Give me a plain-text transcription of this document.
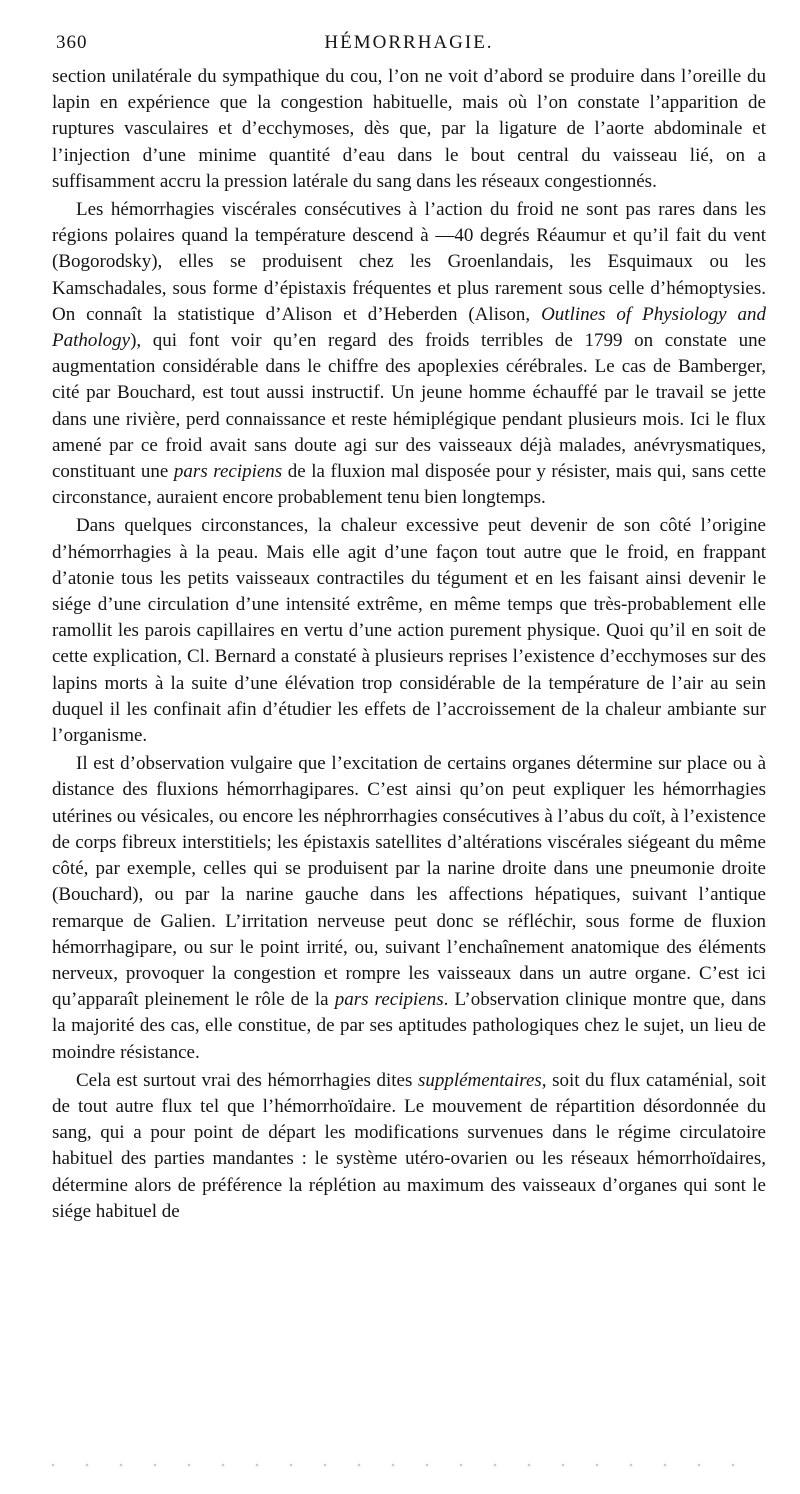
360	HÉMORRHAGIE.

section unilatérale du sympathique du cou, l’on ne voit d’abord se produire dans l’oreille du lapin en expérience que la congestion habituelle, mais où l’on constate l’apparition de ruptures vasculaires et d’ecchymoses, dès que, par la ligature de l’aorte abdominale et l’injection d’une minime quantité d’eau dans le bout central du vaisseau lié, on a suffisamment accru la pression latérale du sang dans les réseaux congestionnés.

Les hémorrhagies viscérales consécutives à l’action du froid ne sont pas rares dans les régions polaires quand la température descend à —40 degrés Réaumur et qu’il fait du vent (Bogorodsky), elles se produisent chez les Groenlandais, les Esquimaux ou les Kamschadales, sous forme d’épistaxis fréquentes et plus rarement sous celle d’hémoptysies. On connaît la statistique d’Alison et d’Heberden (Alison, Outlines of Physiology and Pathology), qui font voir qu’en regard des froids terribles de 1799 on constate une augmentation considérable dans le chiffre des apoplexies cérébrales. Le cas de Bamberger, cité par Bouchard, est tout aussi instructif. Un jeune homme échauffé par le travail se jette dans une rivière, perd connaissance et reste hémiplégique pendant plusieurs mois. Ici le flux amené par ce froid avait sans doute agi sur des vaisseaux déjà malades, anévrysmatiques, constituant une pars recipiens de la fluxion mal disposée pour y résister, mais qui, sans cette circonstance, auraient encore probablement tenu bien longtemps.

Dans quelques circonstances, la chaleur excessive peut devenir de son côté l’origine d’hémorrhagies à la peau. Mais elle agit d’une façon tout autre que le froid, en frappant d’atonie tous les petits vaisseaux contractiles du tégument et en les faisant ainsi devenir le siége d’une circulation d’une intensité extrême, en même temps que très-probablement elle ramollit les parois capillaires en vertu d’une action purement physique. Quoi qu’il en soit de cette explication, Cl. Bernard a constaté à plusieurs reprises l’existence d’ecchymoses sur des lapins morts à la suite d’une élévation trop considérable de la température de l’air au sein duquel il les confinait afin d’étudier les effets de l’accroissement de la chaleur ambiante sur l’organisme.

Il est d’observation vulgaire que l’excitation de certains organes détermine sur place ou à distance des fluxions hémorrhagipares. C’est ainsi qu’on peut expliquer les hémorrhagies utérines ou vésicales, ou encore les néphrorrhagies consécutives à l’abus du coït, à l’existence de corps fibreux interstitiels; les épistaxis satellites d’altérations viscérales siégeant du même côté, par exemple, celles qui se produisent par la narine droite dans une pneumonie droite (Bouchard), ou par la narine gauche dans les affections hépatiques, suivant l’antique remarque de Galien. L’irritation nerveuse peut donc se réfléchir, sous forme de fluxion hémorrhagipare, ou sur le point irrité, ou, suivant l’enchaînement anatomique des éléments nerveux, provoquer la congestion et rompre les vaisseaux dans un autre organe. C’est ici qu’apparaît pleinement le rôle de la pars recipiens. L’observation clinique montre que, dans la majorité des cas, elle constitue, de par ses aptitudes pathologiques chez le sujet, un lieu de moindre résistance.

Cela est surtout vrai des hémorrhagies dites supplémentaires, soit du flux cataménial, soit de tout autre flux tel que l’hémorrhoïdaire. Le mouvement de répartition désordonnée du sang, qui a pour point de départ les modifications survenues dans le régime circulatoire habituel des parties mandantes : le système utéro-ovarien ou les réseaux hémorrhoïdaires, détermine alors de préférence la réplétion au maximum des vaisseaux d’organes qui sont le siége habituel de
